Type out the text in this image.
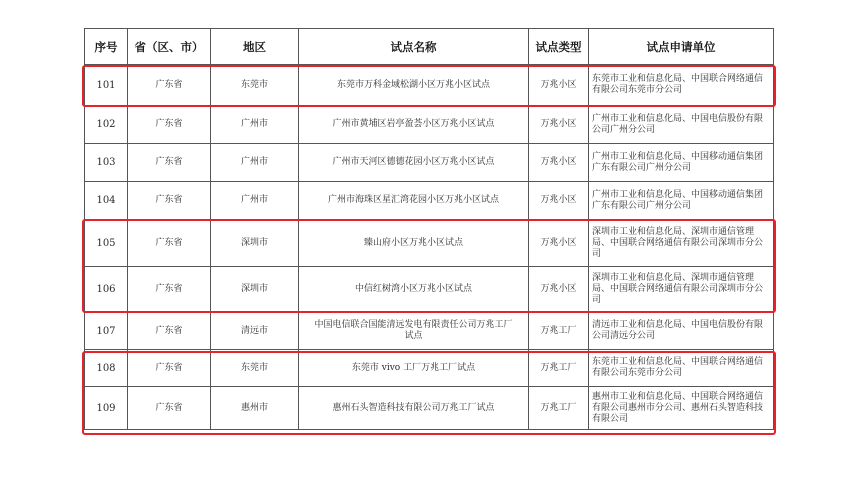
序号	省（区、市）	地区	试点名称	试点类型	试点申请单位
101	广东省	东莞市	东莞市万科金域松湖小区万兆小区试点	万兆小区	东莞市工业和信息化局、中国联合网络通信有限公司东莞市分公司
102	广东省	广州市	广州市黄埔区岩亭盈荟小区万兆小区试点	万兆小区	广州市工业和信息化局、中国电信股份有限公司广州分公司
103	广东省	广州市	广州市天河区德德花园小区万兆小区试点	万兆小区	广州市工业和信息化局、中国移动通信集团广东有限公司广州分公司
104	广东省	广州市	广州市海珠区星汇湾花园小区万兆小区试点	万兆小区	广州市工业和信息化局、中国移动通信集团广东有限公司广州分公司
105	广东省	深圳市	臻山府小区万兆小区试点	万兆小区	深圳市工业和信息化局、深圳市通信管理局、中国联合网络通信有限公司深圳市分公司
106	广东省	深圳市	中信红树湾小区万兆小区试点	万兆小区	深圳市工业和信息化局、深圳市通信管理局、中国联合网络通信有限公司深圳市分公司
107	广东省	清远市	中国电信联合国能清远发电有限责任公司万兆工厂试点	万兆工厂	清远市工业和信息化局、中国电信股份有限公司清远分公司
108	广东省	东莞市	东莞市 vivo 工厂万兆工厂试点	万兆工厂	东莞市工业和信息化局、中国联合网络通信有限公司东莞市分公司
109	广东省	惠州市	惠州石头智造科技有限公司万兆工厂试点	万兆工厂	惠州市工业和信息化局、中国联合网络通信有限公司惠州市分公司、惠州石头智造科技有限公司
